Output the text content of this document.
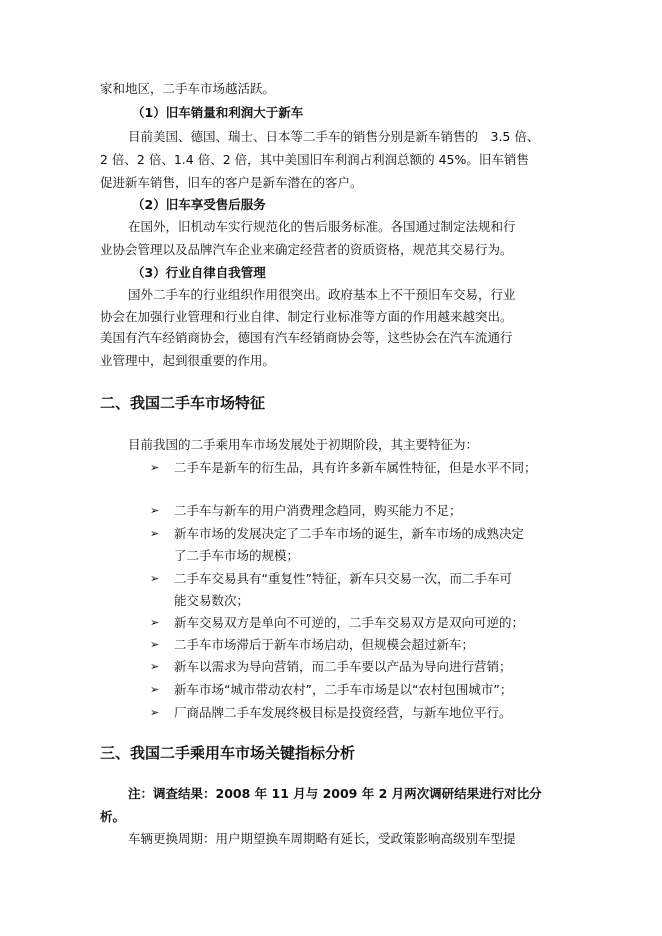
家和地区，二手车市场越活跃。
（1）旧车销量和利润大于新车
目前美国、德国、瑞士、日本等二手车的销售分别是新车销售的　3.5 倍、
2 倍、2 倍、1.4 倍、2 倍，其中美国旧车利润占利润总额的 45%。旧车销售
促进新车销售，旧车的客户是新车潜在的客户。
（2）旧车享受售后服务
在国外，旧机动车实行规范化的售后服务标准。各国通过制定法规和行
业协会管理以及品牌汽车企业来确定经营者的资质资格，规范其交易行为。
（3）行业自律自我管理
国外二手车的行业组织作用很突出。政府基本上不干预旧车交易，行业
协会在加强行业管理和行业自律、制定行业标准等方面的作用越来越突出。
美国有汽车经销商协会，德国有汽车经销商协会等，这些协会在汽车流通行
业管理中，起到很重要的作用。
二、我国二手车市场特征
目前我国的二手乘用车市场发展处于初期阶段，其主要特征为：
➢ 二手车是新车的衍生品，具有许多新车属性特征，但是水平不同；
➢ 二手车与新车的用户消费理念趋同，购买能力不足；
➢ 新车市场的发展决定了二手车市场的诞生，新车市场的成熟决定
了二手车市场的规模；
➢ 二手车交易具有“重复性”特征，新车只交易一次，而二手车可
能交易数次；
➢ 新车交易双方是单向不可逆的，二手车交易双方是双向可逆的；
➢ 二手车市场滞后于新车市场启动，但规模会超过新车；
➢ 新车以需求为导向营销，而二手车要以产品为导向进行营销；
➢ 新车市场“城市带动农村”，二手车市场是以“农村包围城市”；
➢ 厂商品牌二手车发展终极目标是投资经营，与新车地位平行。
三、我国二手乘用车市场关键指标分析
注：调查结果：2008 年 11 月与 2009 年 2 月两次调研结果进行对比分
析。
车辆更换周期：用户期望换车周期略有延长，受政策影响高级别车型提
